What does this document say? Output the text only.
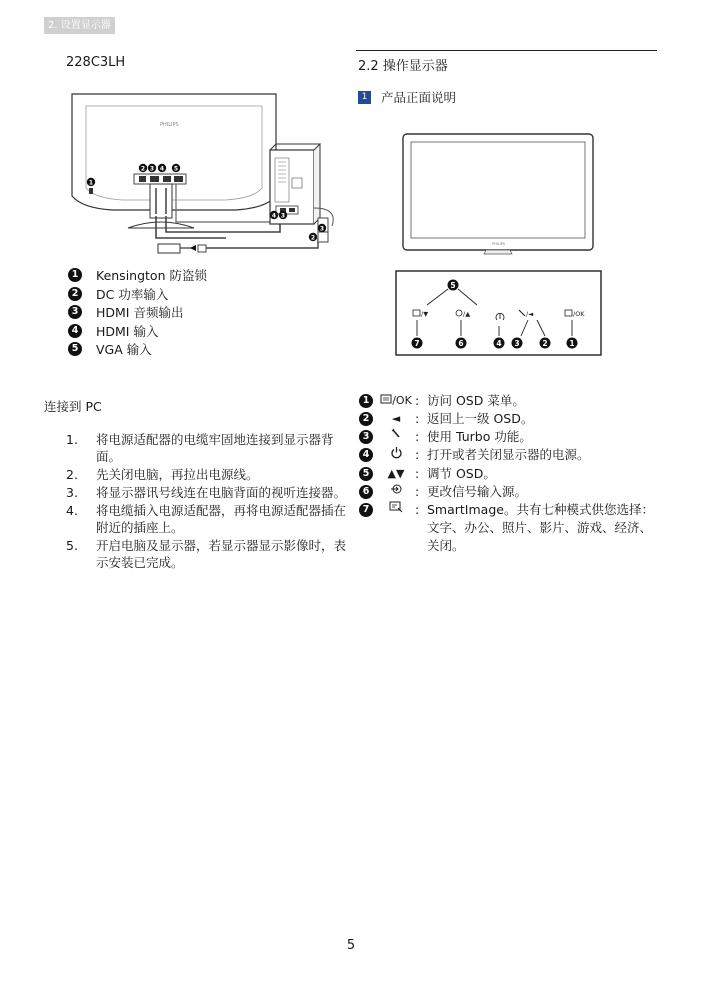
2. 设置显示器
228C3LH
PHILIPS
2 3 4 5
1
4 3
2
3
1 Kensington 防盗锁
2 DC 功率输入
3 HDMI 音频输出
4 HDMI 输入
5 VGA 输入
连接到 PC
1.	将电源适配器的电缆牢固地连接到显示器背面。
2.	先关闭电脑，再拉出电源线。
3.	将显示器讯号线连在电脑背面的视听连接器。
4.	将电缆插入电源适配器，再将电源适配器插在附近的插座上。
5.	开启电脑及显示器，若显示器显示影像时，表示安装已完成。
2.2 操作显示器
1 产品正面说明
PHILIPS
5
/▼	/▲	/◄	/OK
7	6	4 3	2	1
1	/OK : 访问 OSD 菜单。
2	◄	: 返回上一级 OSD。
3	: 使用 Turbo 功能。
4	: 打开或者关闭显示器的电源。
5	▲▼ : 调节 OSD。
6	: 更改信号输入源。
7	: SmartImage。共有七种模式供您选择：文字、办公、照片、影片、游戏、经济、关闭。
5
